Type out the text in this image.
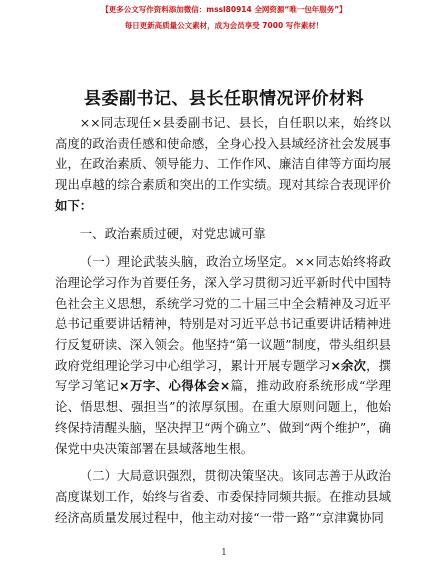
【更多公文写作资料添加微信：mssl80914 全网资源“唯一包年服务”】
每日更新高质量公文素材，成为会员享受 7000 写作素材！
县委副书记、县长任职情况评价材料

××同志现任×县委副书记、县长，自任职以来，始终以高度的政治责任感和使命感，全身心投入县域经济社会发展事业，在政治素质、领导能力、工作作风、廉洁自律等方面均展现出卓越的综合素质和突出的工作实绩。现对其综合表现评价如下：

一、政治素质过硬，对党忠诚可靠

（一）理论武装头脑，政治立场坚定。××同志始终将政治理论学习作为首要任务，深入学习贯彻习近平新时代中国特色社会主义思想，系统学习党的二十届三中全会精神及习近平总书记重要讲话精神，特别是对习近平总书记重要讲话精神进行反复研读、深入领会。他坚持“第一议题”制度，带头组织县政府党组理论学习中心组学习，累计开展专题学习×余次，撰写学习笔记×万字、心得体会×篇，推动政府系统形成“学理论、悟思想、强担当”的浓厚氛围。在重大原则问题上，他始终保持清醒头脑，坚决捍卫“两个确立”、做到“两个维护”，确保党中央决策部署在县域落地生根。

（二）大局意识强烈，贯彻决策坚决。该同志善于从政治高度谋划工作，始终与省委、市委保持同频共振。在推动县域经济高质量发展过程中，他主动对接“一带一路”“京津冀协同

1
